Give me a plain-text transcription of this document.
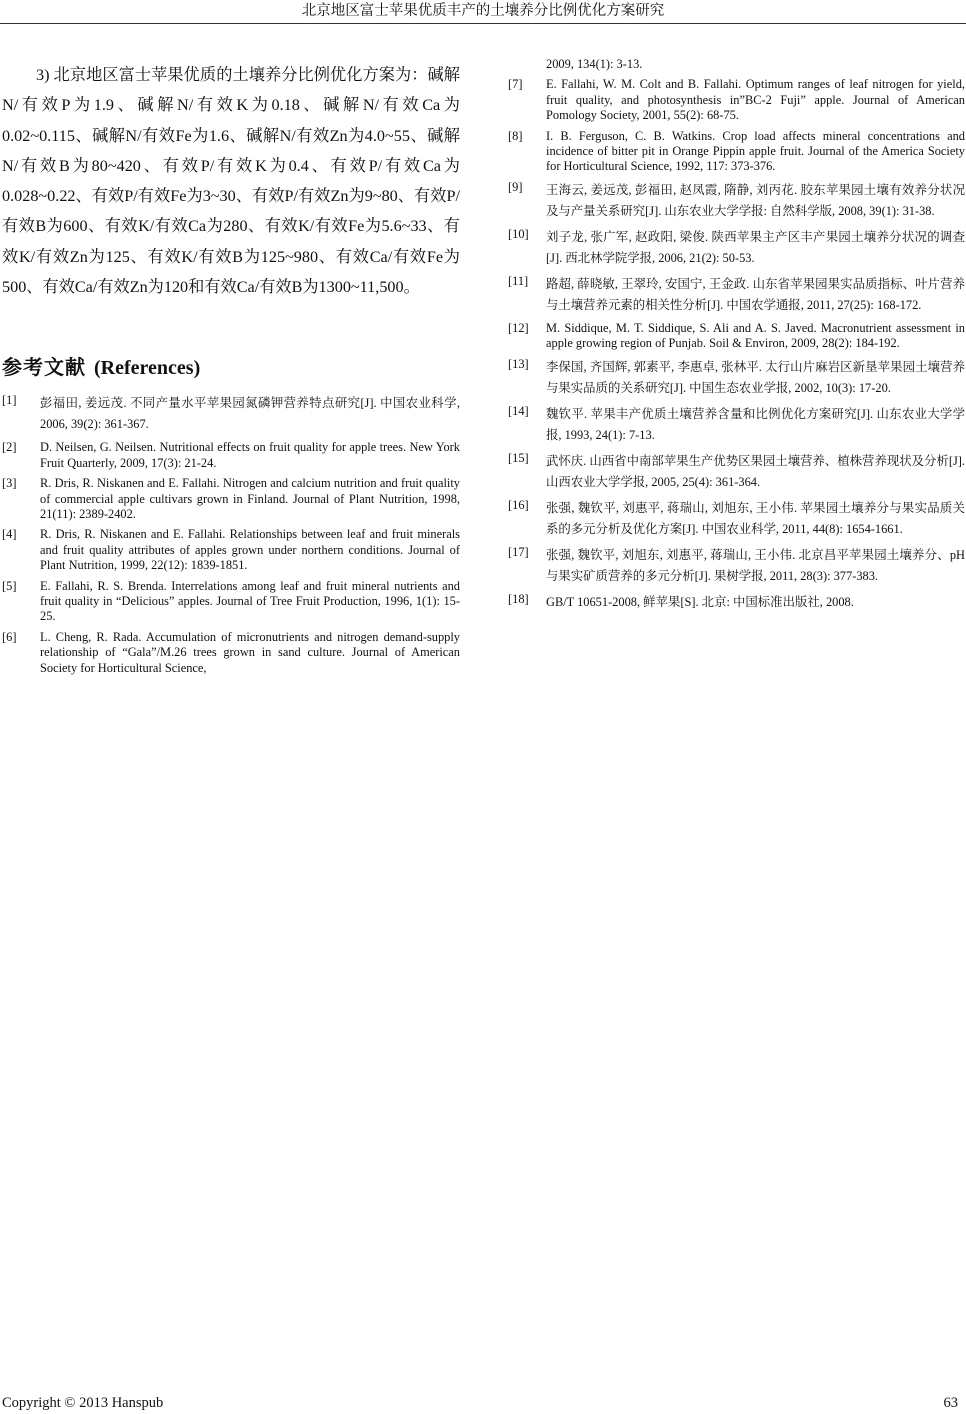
北京地区富士苹果优质丰产的土壤养分比例优化方案研究

3) 北京地区富士苹果优质的土壤养分比例优化方案为：碱解N/有效P为1.9、碱解N/有效K为0.18、碱解N/有效Ca为0.02~0.115、碱解N/有效Fe为1.6、碱解N/有效Zn为4.0~55、碱解N/有效B为80~420、有效P/有效K为0.4、有效P/有效Ca为0.028~0.22、有效P/有效Fe为3~30、有效P/有效Zn为9~80、有效P/有效B为600、有效K/有效Ca为280、有效K/有效Fe为5.6~33、有效K/有效Zn为125、有效K/有效B为125~980、有效Ca/有效Fe为500、有效Ca/有效Zn为120和有效Ca/有效B为1300~11,500。

参考文献 (References)
[1]	彭福田, 姜远茂. 不同产量水平苹果园氮磷钾营养特点研究[J]. 中国农业科学, 2006, 39(2): 361-367.
[2]	D. Neilsen, G. Neilsen. Nutritional effects on fruit quality for apple trees. New York Fruit Quarterly, 2009, 17(3): 21-24.
[3]	R. Dris, R. Niskanen and E. Fallahi. Nitrogen and calcium nutrition and fruit quality of commercial apple cultivars grown in Finland. Journal of Plant Nutrition, 1998, 21(11): 2389-2402.
[4]	R. Dris, R. Niskanen and E. Fallahi. Relationships between leaf and fruit minerals and fruit quality attributes of apples grown under northern conditions. Journal of Plant Nutrition, 1999, 22(12): 1839-1851.
[5]	E. Fallahi, R. S. Brenda. Interrelations among leaf and fruit mineral nutrients and fruit quality in “Delicious” apples. Journal of Tree Fruit Production, 1996, 1(1): 15-25.
[6]	L. Cheng, R. Rada. Accumulation of micronutrients and nitrogen demand-supply relationship of “Gala”/M.26 trees grown in sand culture. Journal of American Society for Horticultural Science,
2009, 134(1): 3-13.
[7]	E. Fallahi, W. M. Colt and B. Fallahi. Optimum ranges of leaf nitrogen for yield, fruit quality, and photosynthesis in”BC-2 Fuji” apple. Journal of American Pomology Society, 2001, 55(2): 68-75.
[8]	I. B. Ferguson, C. B. Watkins. Crop load affects mineral concentrations and incidence of bitter pit in Orange Pippin apple fruit. Journal of the America Society for Horticultural Science, 1992, 117: 373-376.
[9]	王海云, 姜远茂, 彭福田, 赵凤霞, 隋静, 刘丙花. 胶东苹果园土壤有效养分状况及与产量关系研究[J]. 山东农业大学学报: 自然科学版, 2008, 39(1): 31-38.
[10]	刘子龙, 张广军, 赵政阳, 梁俊. 陕西苹果主产区丰产果园土壤养分状况的调查[J]. 西北林学院学报, 2006, 21(2): 50-53.
[11]	路超, 薛晓敏, 王翠玲, 安国宁, 王金政. 山东省苹果园果实品质指标、叶片营养与土壤营养元素的相关性分析[J]. 中国农学通报, 2011, 27(25): 168-172.
[12]	M. Siddique, M. T. Siddique, S. Ali and A. S. Javed. Macronutrient assessment in apple growing region of Punjab. Soil & Environ, 2009, 28(2): 184-192.
[13]	李保国, 齐国辉, 郭素平, 李惠卓, 张林平. 太行山片麻岩区新垦苹果园土壤营养与果实品质的关系研究[J]. 中国生态农业学报, 2002, 10(3): 17-20.
[14]	魏钦平. 苹果丰产优质土壤营养含量和比例优化方案研究[J]. 山东农业大学学报, 1993, 24(1): 7-13.
[15]	武怀庆. 山西省中南部苹果生产优势区果园土壤营养、植株营养现状及分析[J]. 山西农业大学学报, 2005, 25(4): 361-364.
[16]	张强, 魏钦平, 刘惠平, 蒋瑞山, 刘旭东, 王小伟. 苹果园土壤养分与果实品质关系的多元分析及优化方案[J]. 中国农业科学, 2011, 44(8): 1654-1661.
[17]	张强, 魏钦平, 刘旭东, 刘惠平, 蒋瑞山, 王小伟. 北京昌平苹果园土壤养分、pH与果实矿质营养的多元分析[J]. 果树学报, 2011, 28(3): 377-383.
[18]	GB/T 10651-2008, 鲜苹果[S]. 北京: 中国标准出版社, 2008.
Copyright © 2013 Hanspub	63
